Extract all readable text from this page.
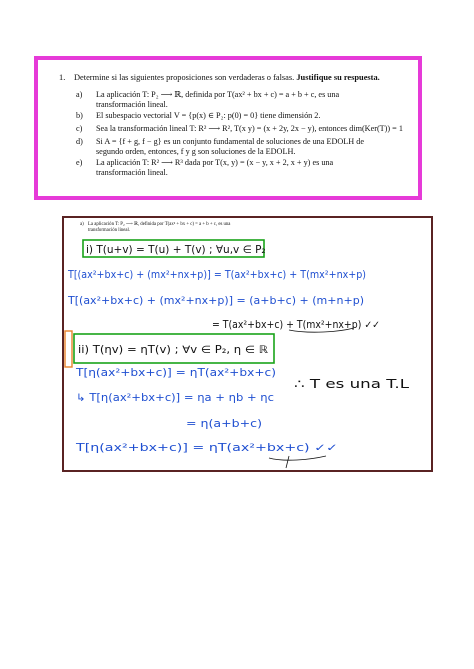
1. Determine si las siguientes proposiciones son verdaderas o falsas. Justifique su respuesta.
a) La aplicación T: P₂ ⟶ ℝ, definida por T(ax² + bx + c) = a + b + c, es una
transformación lineal.
b) El subespacio vectorial V = {p(x) ∈ P₂: p(0) = 0} tiene dimensión 2.
c) Sea la transformación lineal T: R² ⟶ R², T(x y) = (x + 2y, 2x − y), entonces dim(Ker(T)) = 1
d) Si A = {f + g, f − g} es un conjunto fundamental de soluciones de una EDOLH de
segundo orden, entonces, f y g son soluciones de la EDOLH.
e) La aplicación T: R² ⟶ R³ dada por T(x, y) = (x − y, x + 2, x + y) es una
transformación lineal.
a) La aplicación T: P₂ ⟶ ℝ, definida por T(ax² + bx + c) = a + b + c, es una
transformación lineal.
i) T(u+v) = T(u) + T(v) ; ∀u,v ∈ P₂
T[(ax²+bx+c) + (mx²+nx+p)] = T(ax²+bx+c) + T(mx²+nx+p)
T[(ax²+bx+c) + (mx²+nx+p)] = (a+b+c) + (m+n+p)
= T(ax²+bx+c) + T(mx²+nx+p) ✓✓
ii) T(ηv) = ηT(v) ; ∀v ∈ P₂, η ∈ ℝ
∴ T es una T.L
T[η(ax²+bx+c)] = ηT(ax²+bx+c)
↳ T[η(ax²+bx+c)] = ηa + ηb + ηc
= η(a+b+c)
T[η(ax²+bx+c)] = ηT(ax²+bx+c) ✓✓
